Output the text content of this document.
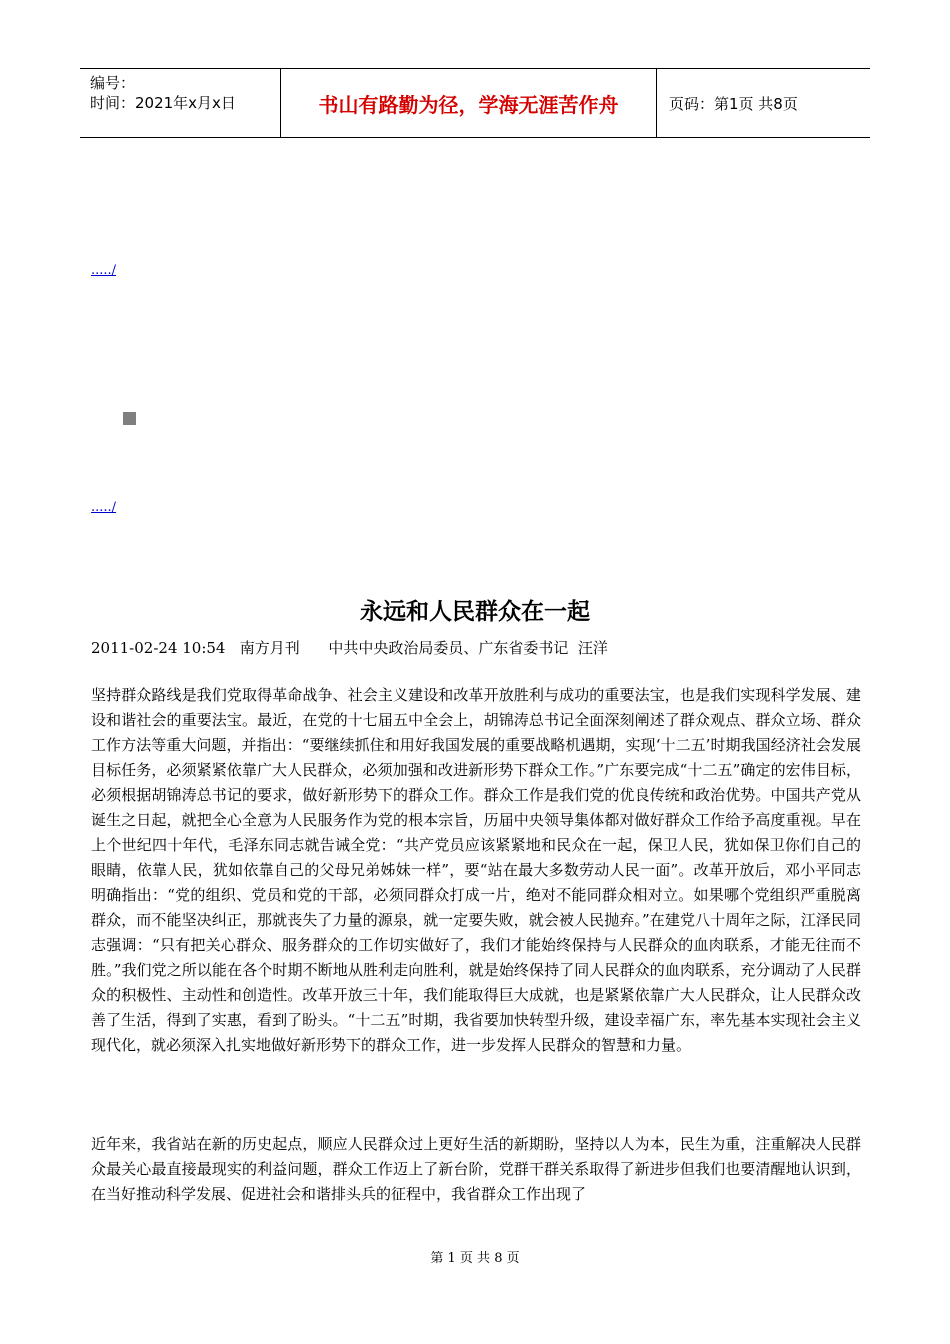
编号：
时间：2021年x月x日	书山有路勤为径，学海无涯苦作舟	页码：第1页 共8页
...../
...../
永远和人民群众在一起
2011-02-24 10:54   南方月刊      中共中央政治局委员、广东省委书记  汪洋

坚持群众路线是我们党取得革命战争、社会主义建设和改革开放胜利与成功的重要法宝，也是我们实现科学发展、建设和谐社会的重要法宝。最近，在党的十七届五中全会上，胡锦涛总书记全面深刻阐述了群众观点、群众立场、群众工作方法等重大问题，并指出：“要继续抓住和用好我国发展的重要战略机遇期，实现‘十二五’时期我国经济社会发展目标任务，必须紧紧依靠广大人民群众，必须加强和改进新形势下群众工作。”广东要完成“十二五”确定的宏伟目标，必须根据胡锦涛总书记的要求，做好新形势下的群众工作。群众工作是我们党的优良传统和政治优势。中国共产党从诞生之日起，就把全心全意为人民服务作为党的根本宗旨，历届中央领导集体都对做好群众工作给予高度重视。早在上个世纪四十年代，毛泽东同志就告诫全党：“共产党员应该紧紧地和民众在一起，保卫人民，犹如保卫你们自己的眼睛，依靠人民，犹如依靠自己的父母兄弟姊妹一样”，要“站在最大多数劳动人民一面”。改革开放后，邓小平同志明确指出：“党的组织、党员和党的干部，必须同群众打成一片，绝对不能同群众相对立。如果哪个党组织严重脱离群众，而不能坚决纠正，那就丧失了力量的源泉，就一定要失败，就会被人民抛弃。”在建党八十周年之际，江泽民同志强调：“只有把关心群众、服务群众的工作切实做好了，我们才能始终保持与人民群众的血肉联系，才能无往而不胜。”我们党之所以能在各个时期不断地从胜利走向胜利，就是始终保持了同人民群众的血肉联系，充分调动了人民群众的积极性、主动性和创造性。改革开放三十年，我们能取得巨大成就，也是紧紧依靠广大人民群众，让人民群众改善了生活，得到了实惠，看到了盼头。“十二五”时期，我省要加快转型升级，建设幸福广东，率先基本实现社会主义现代化，就必须深入扎实地做好新形势下的群众工作，进一步发挥人民群众的智慧和力量。

近年来，我省站在新的历史起点，顺应人民群众过上更好生活的新期盼，坚持以人为本，民生为重，注重解决人民群众最关心最直接最现实的利益问题，群众工作迈上了新台阶，党群干群关系取得了新进步但我们也要清醒地认识到，在当好推动科学发展、促进社会和谐排头兵的征程中，我省群众工作出现了

第 1 页 共 8 页
